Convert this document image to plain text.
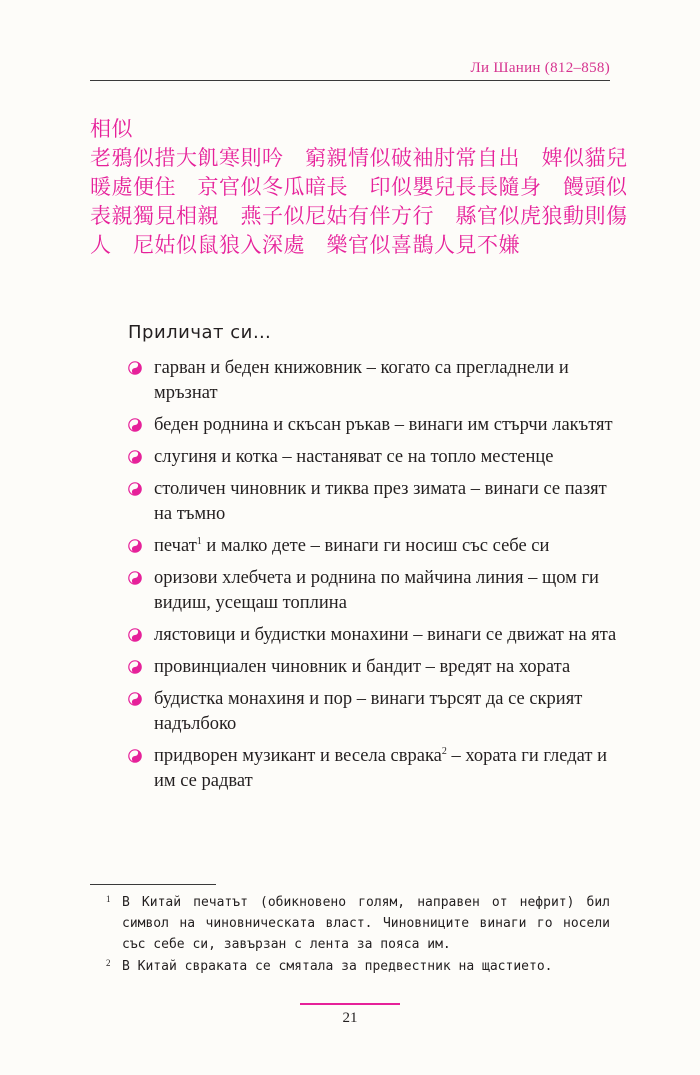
Ли Шанин (812–858)
相似
老鴉似措大飢寒則吟　窮親情似破袖肘常自出　婢似貓兒暖處便住　京官似冬瓜暗長　印似嬰兒長長隨身　饅頭似表親獨見相親　燕子似尼姑有伴方行　縣官似虎狼動則傷人　尼姑似鼠狼入深處　樂官似喜鵲人見不嫌
Приличат си…
гарван и беден книжовник – когато са прегладнели и мръзнат
беден роднина и скъсан ръкав – винаги им стърчи лакътят
слугиня и котка – настаняват се на топло местенце
столичен чиновник и тиква през зимата – винаги се пазят на тъмно
печат$^1$ и малко дете – винаги ги носиш със себе си
оризови хлебчета и роднина по майчина линия – щом ги видиш, усещаш топлина
лястовици и будистки монахини – винаги се движат на ята
провинциален чиновник и бандит – вредят на хората
будистка монахиня и пор – винаги търсят да се скрият надълбоко
придворен музикант и весела сврака$^2$ – хората ги гледат и им се радват
1 В Китай печатът (обикновено голям, направен от нефрит) бил символ на чиновническата власт. Чиновниците винаги го носели със себе си, завързан с лента за пояса им.
2 В Китай свраката се смятала за предвестник на щастието.
21
